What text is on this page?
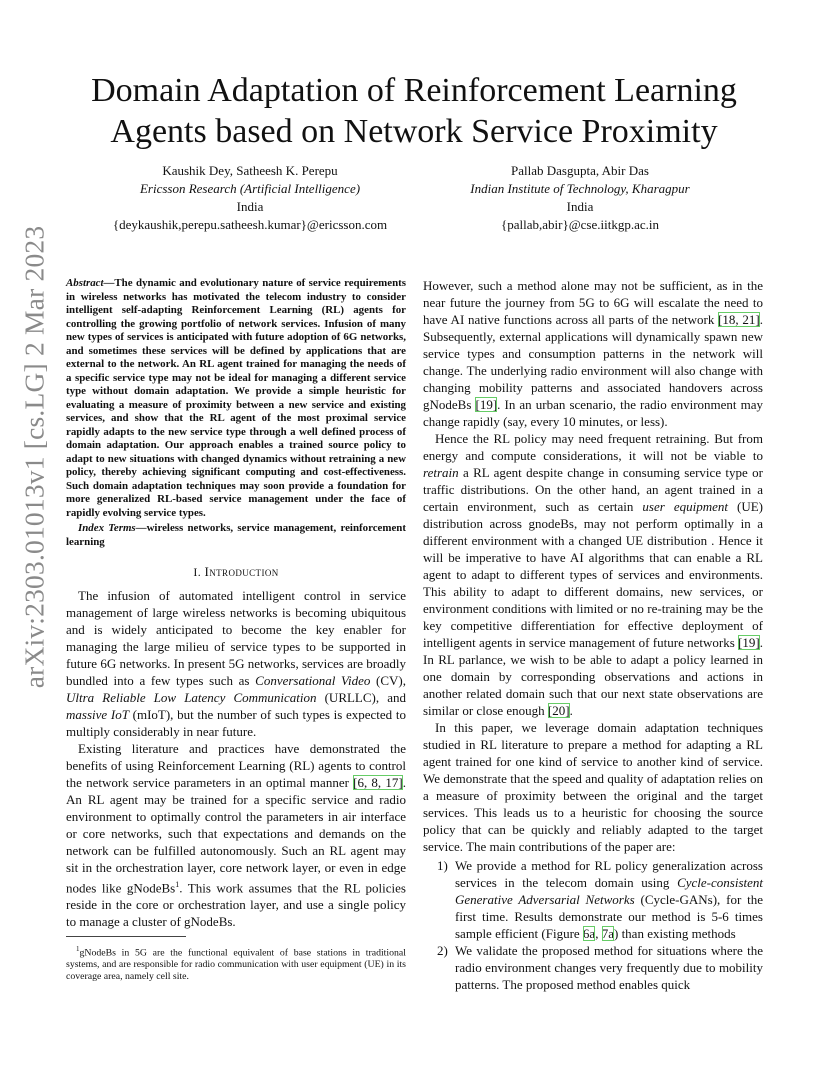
arXiv:2303.01013v1 [cs.LG] 2 Mar 2023
Domain Adaptation of Reinforcement Learning Agents based on Network Service Proximity
Kaushik Dey, Satheesh K. Perepu
Ericsson Research (Artificial Intelligence)
India
{deykaushik,perepu.satheesh.kumar}@ericsson.com
Pallab Dasgupta, Abir Das
Indian Institute of Technology, Kharagpur
India
{pallab,abir}@cse.iitkgp.ac.in

Abstract—The dynamic and evolutionary nature of service requirements in wireless networks has motivated the telecom industry to consider intelligent self-adapting Reinforcement Learning (RL) agents for controlling the growing portfolio of network services. Infusion of many new types of services is anticipated with future adoption of 6G networks, and sometimes these services will be defined by applications that are external to the network. An RL agent trained for managing the needs of a specific service type may not be ideal for managing a different service type without domain adaptation. We provide a simple heuristic for evaluating a measure of proximity between a new service and existing services, and show that the RL agent of the most proximal service rapidly adapts to the new service type through a well defined process of domain adaptation. Our approach enables a trained source policy to adapt to new situations with changed dynamics without retraining a new policy, thereby achieving significant computing and cost-effectiveness. Such domain adaptation techniques may soon provide a foundation for more generalized RL-based service management under the face of rapidly evolving service types.

Index Terms—wireless networks, service management, reinforcement learning

I. Introduction

The infusion of automated intelligent control in service management of large wireless networks is becoming ubiquitous and is widely anticipated to become the key enabler for managing the large milieu of service types to be supported in future 6G networks. In present 5G networks, services are broadly bundled into a few types such as Conversational Video (CV), Ultra Reliable Low Latency Communication (URLLC), and massive IoT (mIoT), but the number of such types is expected to multiply considerably in near future.

Existing literature and practices have demonstrated the benefits of using Reinforcement Learning (RL) agents to control the network service parameters in an optimal manner [6, 8, 17]. An RL agent may be trained for a specific service and radio environment to optimally control the parameters in air interface or core networks, such that expectations and demands on the network can be fulfilled autonomously. Such an RL agent may sit in the orchestration layer, core network layer, or even in edge nodes like gNodeBs$^1$. This work assumes that the RL policies reside in the core or orchestration layer, and use a single policy to manage a cluster of gNodeBs.

$^1$gNodeBs in 5G are the functional equivalent of base stations in traditional systems, and are responsible for radio communication with user equipment (UE) in its coverage area, namely cell site.

However, such a method alone may not be sufficient, as in the near future the journey from 5G to 6G will escalate the need to have AI native functions across all parts of the network [18, 21]. Subsequently, external applications will dynamically spawn new service types and consumption patterns in the network will change. The underlying radio environment will also change with changing mobility patterns and associated handovers across gNodeBs [19]. In an urban scenario, the radio environment may change rapidly (say, every 10 minutes, or less).

Hence the RL policy may need frequent retraining. But from energy and compute considerations, it will not be viable to retrain a RL agent despite change in consuming service type or traffic distributions. On the other hand, an agent trained in a certain environment, such as certain user equipment (UE) distribution across gnodeBs, may not perform optimally in a different environment with a changed UE distribution . Hence it will be imperative to have AI algorithms that can enable a RL agent to adapt to different types of services and environments. This ability to adapt to different domains, new services, or environment conditions with limited or no re-training may be the key competitive differentiation for effective deployment of intelligent agents in service management of future networks [19]. In RL parlance, we wish to be able to adapt a policy learned in one domain by corresponding observations and actions in another related domain such that our next state observations are similar or close enough [20].

In this paper, we leverage domain adaptation techniques studied in RL literature to prepare a method for adapting a RL agent trained for one kind of service to another kind of service. We demonstrate that the speed and quality of adaptation relies on a measure of proximity between the original and the target services. This leads us to a heuristic for choosing the source policy that can be quickly and reliably adapted to the target service. The main contributions of the paper are:

1) We provide a method for RL policy generalization across services in the telecom domain using Cycle-consistent Generative Adversarial Networks (Cycle-GANs), for the first time. Results demonstrate our method is 5-6 times sample efficient (Figure 6a, 7a) than existing methods
2) We validate the proposed method for situations where the radio environment changes very frequently due to mobility patterns. The proposed method enables quick
